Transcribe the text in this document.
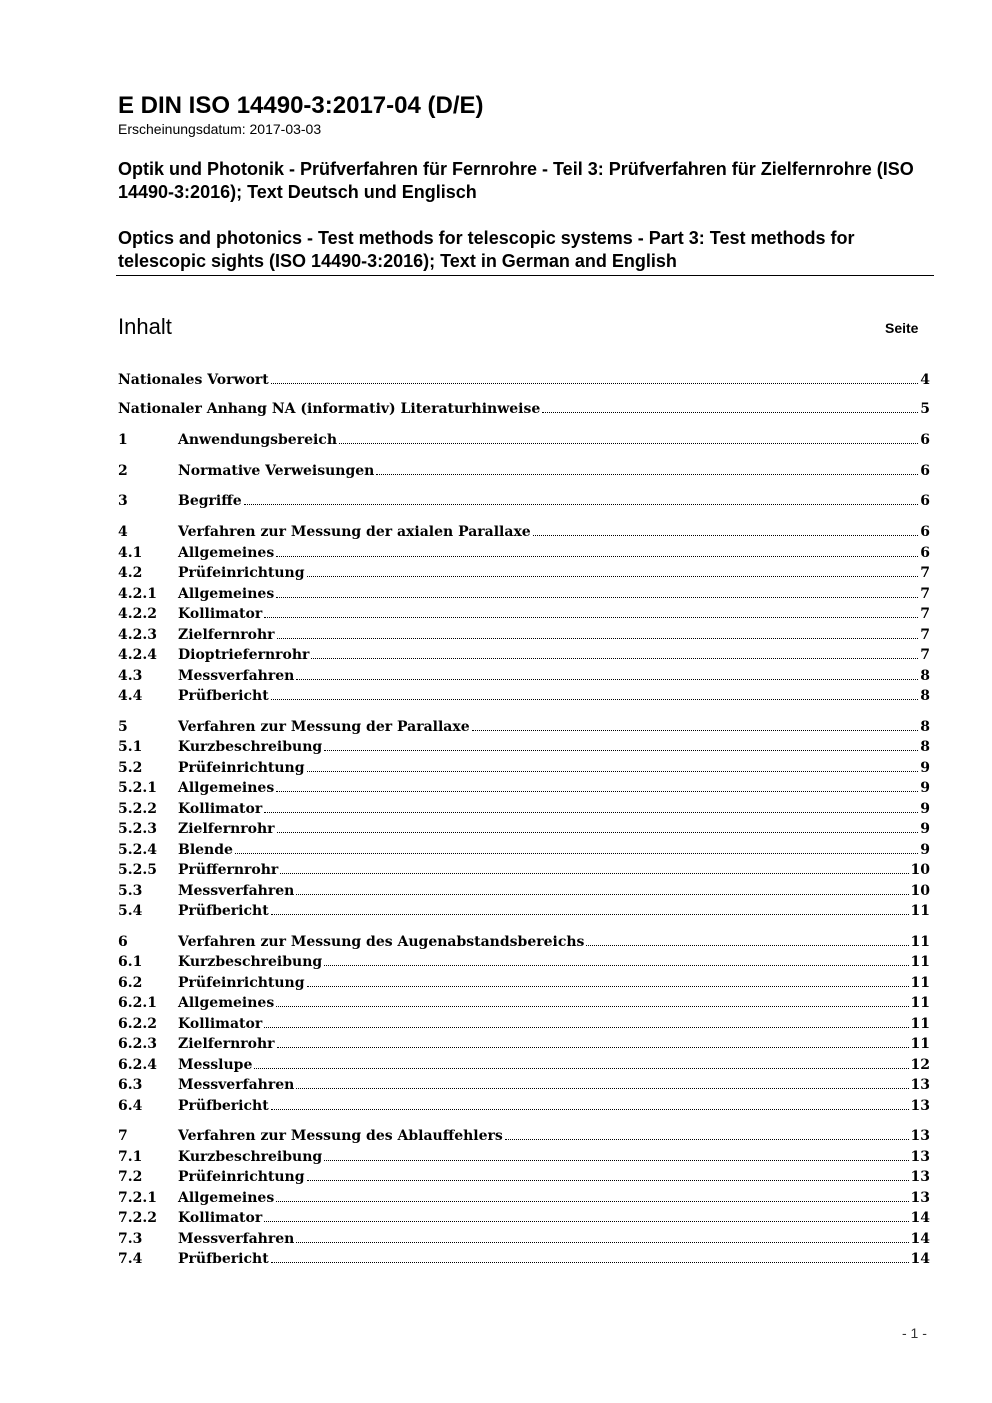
E DIN ISO 14490-3:2017-04 (D/E)
Erscheinungsdatum: 2017-03-03
Optik und Photonik - Prüfverfahren für Fernrohre - Teil 3: Prüfverfahren für Zielfernrohre (ISO 14490-3:2016); Text Deutsch und Englisch
Optics and photonics - Test methods for telescopic systems - Part 3: Test methods for telescopic sights (ISO 14490-3:2016); Text in German and English
Inhalt	Seite
Nationales Vorwort	4
Nationaler Anhang NA (informativ) Literaturhinweise	5
1	Anwendungsbereich	6
2	Normative Verweisungen	6
3	Begriffe	6
4	Verfahren zur Messung der axialen Parallaxe	6
4.1	Allgemeines	6
4.2	Prüfeinrichtung	7
4.2.1	Allgemeines	7
4.2.2	Kollimator	7
4.2.3	Zielfernrohr	7
4.2.4	Dioptriefernrohr	7
4.3	Messverfahren	8
4.4	Prüfbericht	8
5	Verfahren zur Messung der Parallaxe	8
5.1	Kurzbeschreibung	8
5.2	Prüfeinrichtung	9
5.2.1	Allgemeines	9
5.2.2	Kollimator	9
5.2.3	Zielfernrohr	9
5.2.4	Blende	9
5.2.5	Prüffernrohr	10
5.3	Messverfahren	10
5.4	Prüfbericht	11
6	Verfahren zur Messung des Augenabstandsbereichs	11
6.1	Kurzbeschreibung	11
6.2	Prüfeinrichtung	11
6.2.1	Allgemeines	11
6.2.2	Kollimator	11
6.2.3	Zielfernrohr	11
6.2.4	Messlupe	12
6.3	Messverfahren	13
6.4	Prüfbericht	13
7	Verfahren zur Messung des Ablauffehlers	13
7.1	Kurzbeschreibung	13
7.2	Prüfeinrichtung	13
7.2.1	Allgemeines	13
7.2.2	Kollimator	14
7.3	Messverfahren	14
7.4	Prüfbericht	14
- 1 -
